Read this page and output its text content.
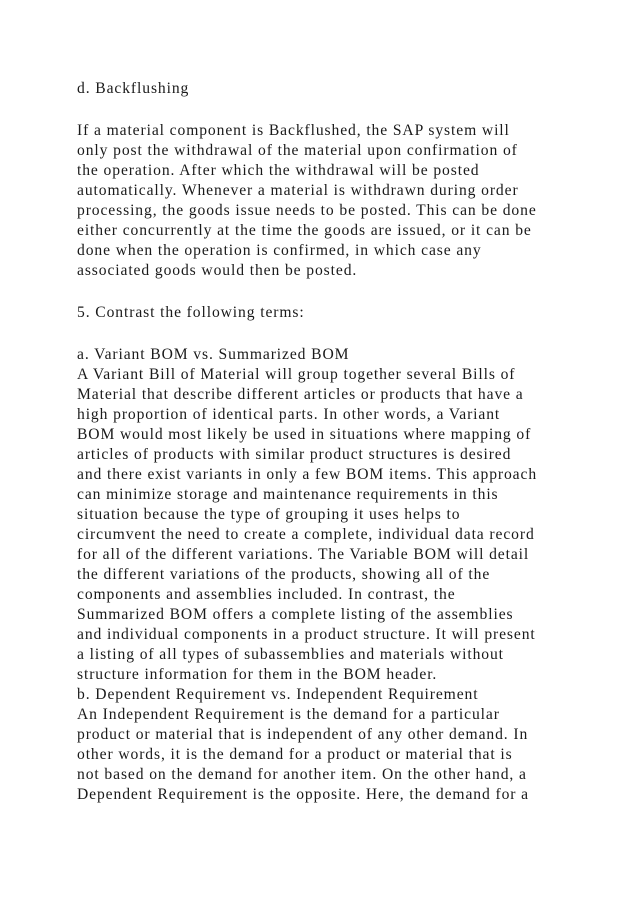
d. Backflushing
If a material component is Backflushed, the SAP system will
only post the withdrawal of the material upon confirmation of
the operation. After which the withdrawal will be posted
automatically. Whenever a material is withdrawn during order
processing, the goods issue needs to be posted. This can be done
either concurrently at the time the goods are issued, or it can be
done when the operation is confirmed, in which case any
associated goods would then be posted.
5. Contrast the following terms:
a. Variant BOM vs. Summarized BOM
A Variant Bill of Material will group together several Bills of
Material that describe different articles or products that have a
high proportion of identical parts. In other words, a Variant
BOM would most likely be used in situations where mapping of
articles of products with similar product structures is desired
and there exist variants in only a few BOM items. This approach
can minimize storage and maintenance requirements in this
situation because the type of grouping it uses helps to
circumvent the need to create a complete, individual data record
for all of the different variations. The Variable BOM will detail
the different variations of the products, showing all of the
components and assemblies included. In contrast, the
Summarized BOM offers a complete listing of the assemblies
and individual components in a product structure. It will present
a listing of all types of subassemblies and materials without
structure information for them in the BOM header.
b. Dependent Requirement vs. Independent Requirement
An Independent Requirement is the demand for a particular
product or material that is independent of any other demand. In
other words, it is the demand for a product or material that is
not based on the demand for another item. On the other hand, a
Dependent Requirement is the opposite. Here, the demand for a
